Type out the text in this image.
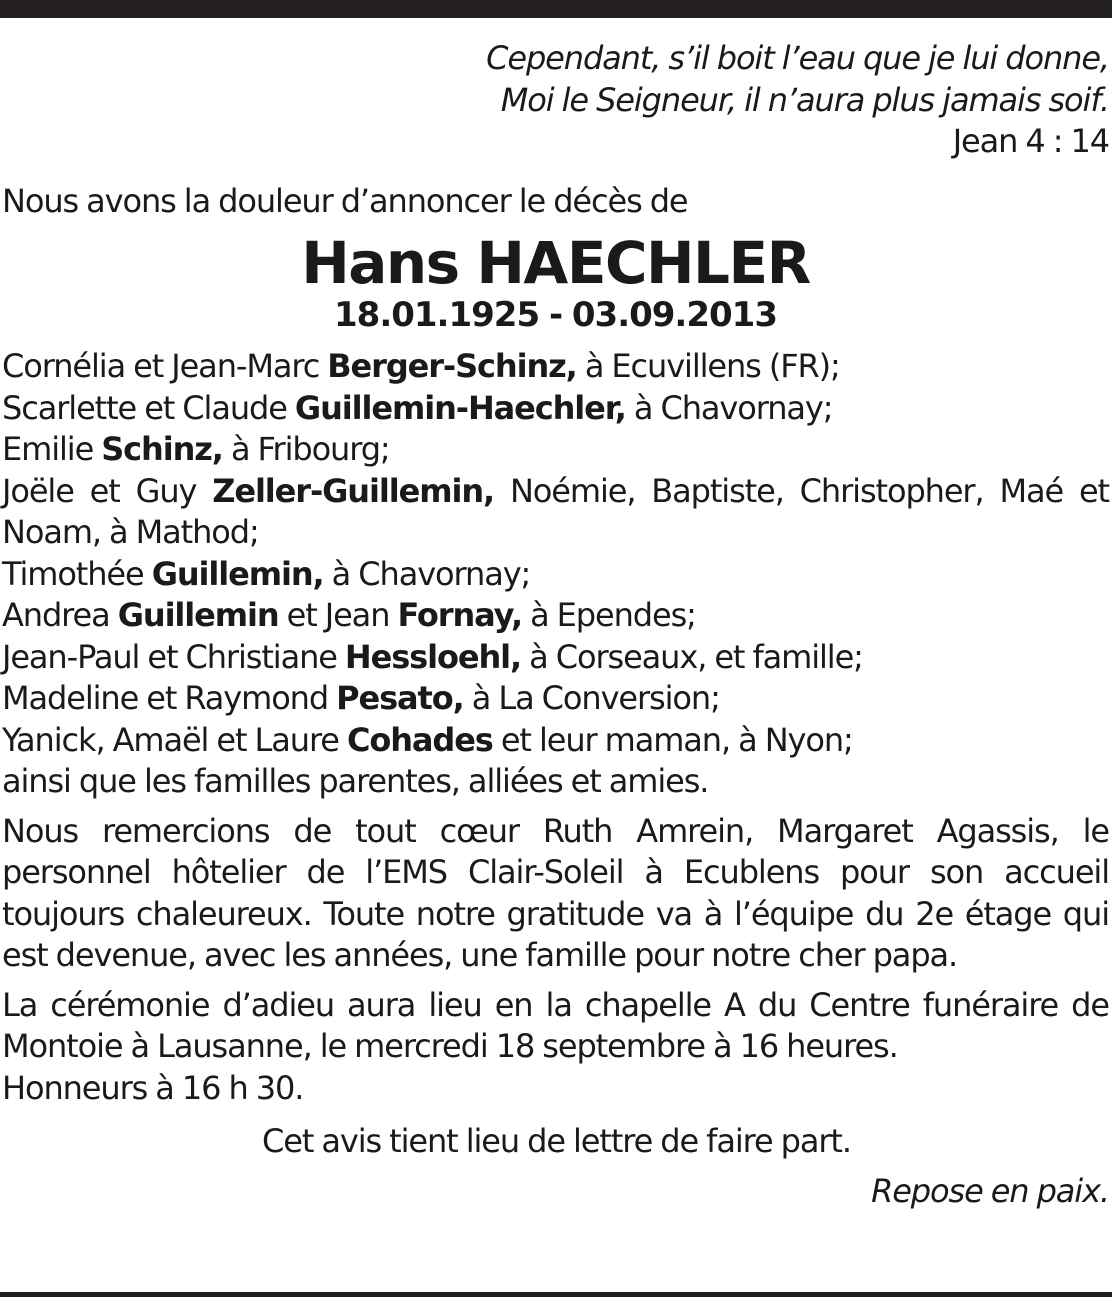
Cependant, s’il boit l’eau que je lui donne,
Moi le Seigneur, il n’aura plus jamais soif.
Jean 4 : 14
Nous avons la douleur d’annoncer le décès de
Hans HAECHLER
18.01.1925 - 03.09.2013
Cornélia et Jean-Marc Berger-Schinz, à Ecuvillens (FR);
Scarlette et Claude Guillemin-Haechler, à Chavornay;
Emilie Schinz, à Fribourg;
Joële et Guy Zeller-Guillemin, Noémie, Baptiste, Christopher, Maé et Noam, à Mathod;
Timothée Guillemin, à Chavornay;
Andrea Guillemin et Jean Fornay, à Ependes;
Jean-Paul et Christiane Hessloehl, à Corseaux, et famille;
Madeline et Raymond Pesato, à La Conversion;
Yanick, Amaël et Laure Cohades et leur maman, à Nyon;
ainsi que les familles parentes, alliées et amies.
Nous remercions de tout cœur Ruth Amrein, Margaret Agassis, le personnel hôtelier de l’EMS Clair-Soleil à Ecublens pour son accueil toujours chaleureux. Toute notre gratitude va à l’équipe du 2e étage qui est devenue, avec les années, une famille pour notre cher papa.
La cérémonie d’adieu aura lieu en la chapelle A du Centre funéraire de Montoie à Lausanne, le mercredi 18 septembre à 16 heures.
Honneurs à 16 h 30.
Cet avis tient lieu de lettre de faire part.
Repose en paix.
